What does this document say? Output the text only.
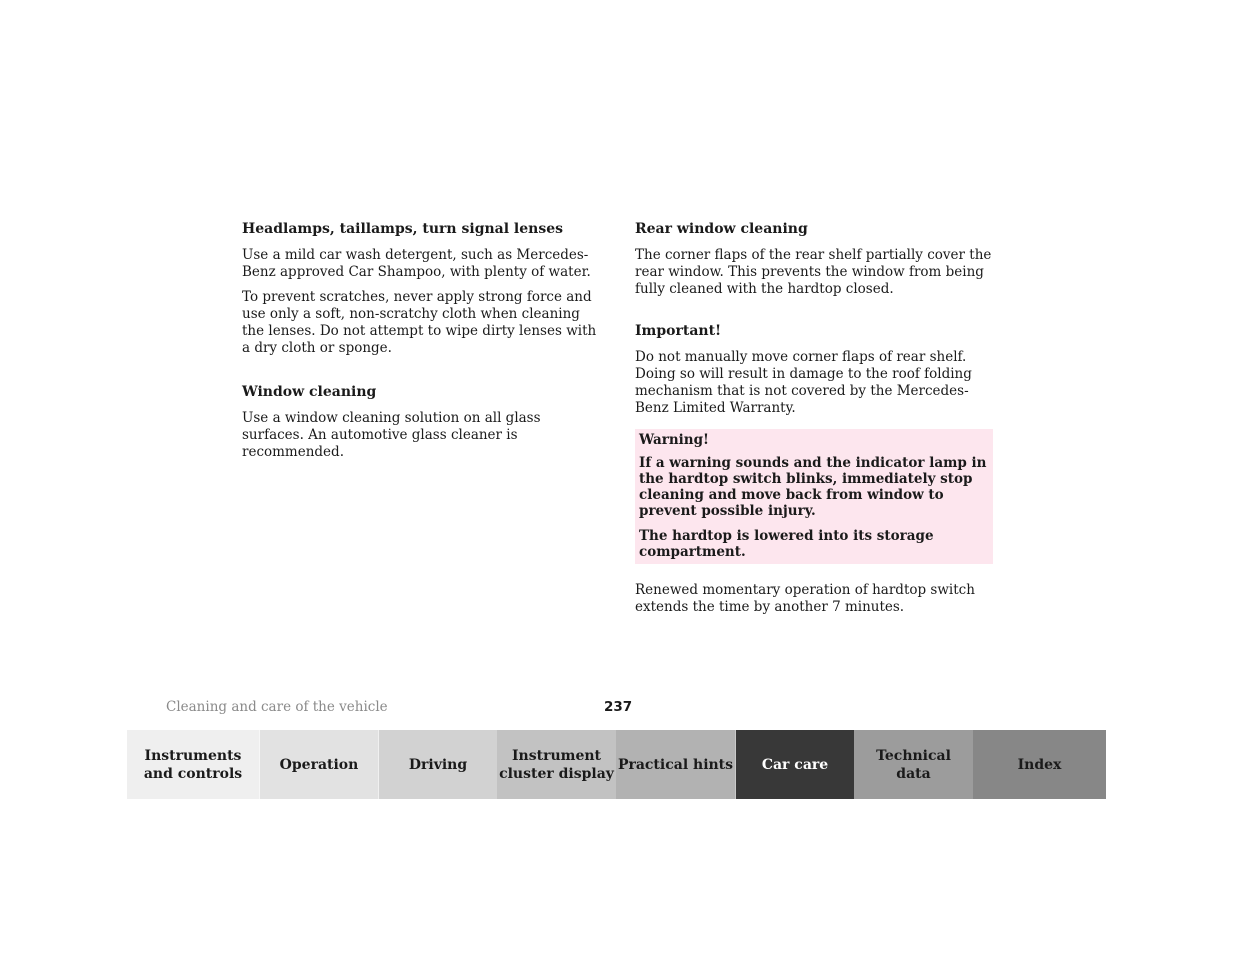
Headlamps, taillamps, turn signal lenses

Use a mild car wash detergent, such as Mercedes-Benz approved Car Shampoo, with plenty of water.

To prevent scratches, never apply strong force and use only a soft, non-scratchy cloth when cleaning the lenses. Do not attempt to wipe dirty lenses with a dry cloth or sponge.

Window cleaning

Use a window cleaning solution on all glass surfaces. An automotive glass cleaner is recommended.

Rear window cleaning

The corner flaps of the rear shelf partially cover the rear window. This prevents the window from being fully cleaned with the hardtop closed.

Important!

Do not manually move corner flaps of rear shelf. Doing so will result in damage to the roof folding mechanism that is not covered by the Mercedes-Benz Limited Warranty.

Warning!

If a warning sounds and the indicator lamp in the hardtop switch blinks, immediately stop cleaning and move back from window to prevent possible injury.

The hardtop is lowered into its storage compartment.

Renewed momentary operation of hardtop switch extends the time by another 7 minutes.

Cleaning and care of the vehicle	237
Instruments
and controls
Operation	Driving
Instrument
cluster display
Practical hints	Car care
Technical
data
Index
